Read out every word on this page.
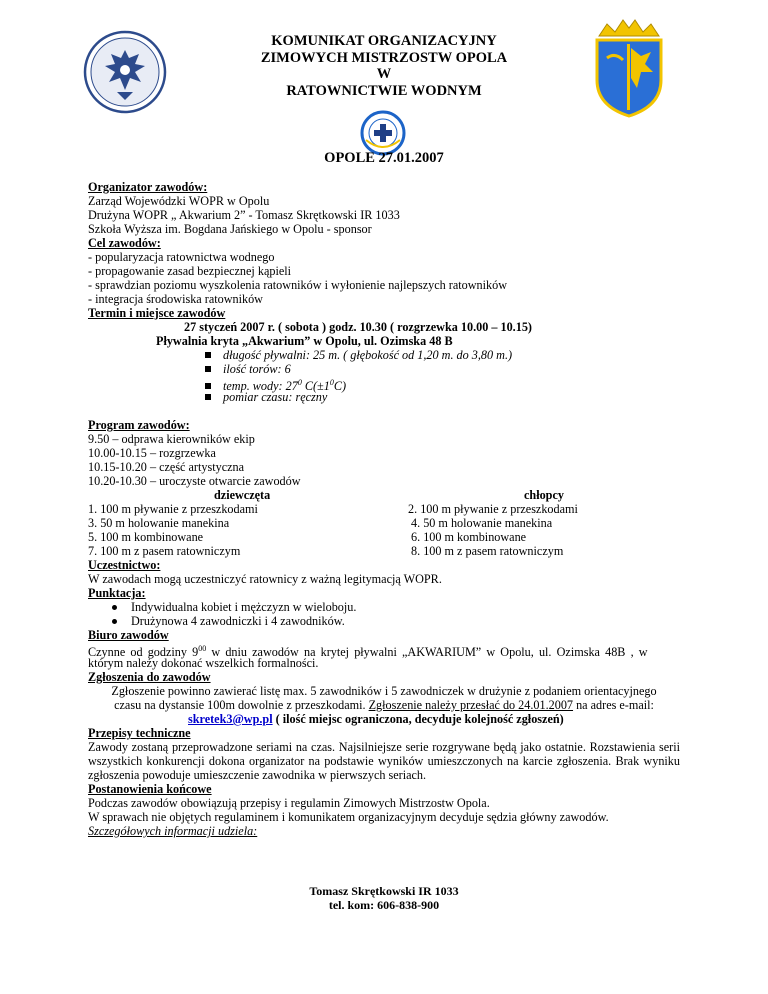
KOMUNIKAT ORGANIZACYJNY
ZIMOWYCH MISTRZOSTW OPOLA
W
RATOWNICTWIE WODNYM
OPOLE 27.01.2007
Organizator zawodów:
Zarząd Wojewódzki WOPR w Opolu
Drużyna WOPR „ Akwarium 2” - Tomasz Skrętkowski IR 1033
Szkoła Wyższa im. Bogdana Jańskiego w Opolu - sponsor
Cel zawodów:
- popularyzacja ratownictwa wodnego
- propagowanie zasad bezpiecznej kąpieli
- sprawdzian poziomu wyszkolenia ratowników i wyłonienie najlepszych ratowników
- integracja środowiska ratowników
Termin i miejsce zawodów
27 styczeń 2007 r. ( sobota ) godz. 10.30 ( rozgrzewka 10.00 – 10.15)
Pływalnia kryta „Akwarium” w Opolu, ul. Ozimska 48 B
długość pływalni: 25 m. ( głębokość od 1,20 m. do 3,80 m.)
ilość torów: 6
temp. wody: $27^0$ $C(\pm 1^0C)$
pomiar czasu: ręczny
Program zawodów:
9.50 – odprawa kierowników ekip
10.00-10.15 – rozgrzewka
10.15-10.20 – część artystyczna
10.20-10.30 – uroczyste otwarcie zawodów
dziewczęta	chłopcy
1. 100 m pływanie z przeszkodami
3. 50 m holowanie manekina
5. 100 m kombinowane
7. 100 m z pasem ratowniczym
2. 100 m pływanie z przeszkodami
4. 50 m holowanie manekina
6. 100 m kombinowane
8. 100 m z pasem ratowniczym
Uczestnictwo:
W zawodach mogą uczestniczyć ratownicy z ważną legitymacją WOPR.
Punktacja:
Indywidualna kobiet i mężczyzn w wieloboju.
Drużynowa 4 zawodniczki i 4 zawodników.
Biuro zawodów
Czynne od godziny $9^{00}$ w dniu zawodów na krytej pływalni „AKWARIUM” w Opolu, ul. Ozimska 48B , w
którym należy dokonać wszelkich formalności.
Zgłoszenia do zawodów
Zgłoszenie powinno zawierać listę max. 5 zawodników i 5 zawodniczek w drużynie z podaniem orientacyjnego
czasu na dystansie 100m dowolnie z przeszkodami. Zgłoszenie należy przesłać do 24.01.2007 na adres e-mail:
skretek3@wp.pl ( ilość miejsc ograniczona, decyduje kolejność zgłoszeń)
Przepisy techniczne
Zawody zostaną przeprowadzone seriami na czas. Najsilniejsze serie rozgrywane będą jako ostatnie. Rozstawienia serii wszystkich konkurencji dokona organizator na podstawie wyników umieszczonych na karcie zgłoszenia. Brak wyniku zgłoszenia powoduje umieszczenie zawodnika w pierwszych seriach.
Postanowienia końcowe
Podczas zawodów obowiązują przepisy i regulamin Zimowych Mistrzostw Opola.
W sprawach nie objętych regulaminem i komunikatem organizacyjnym decyduje sędzia główny zawodów.
Szczegółowych informacji udziela:
Tomasz Skrętkowski IR 1033
tel. kom: 606-838-900
